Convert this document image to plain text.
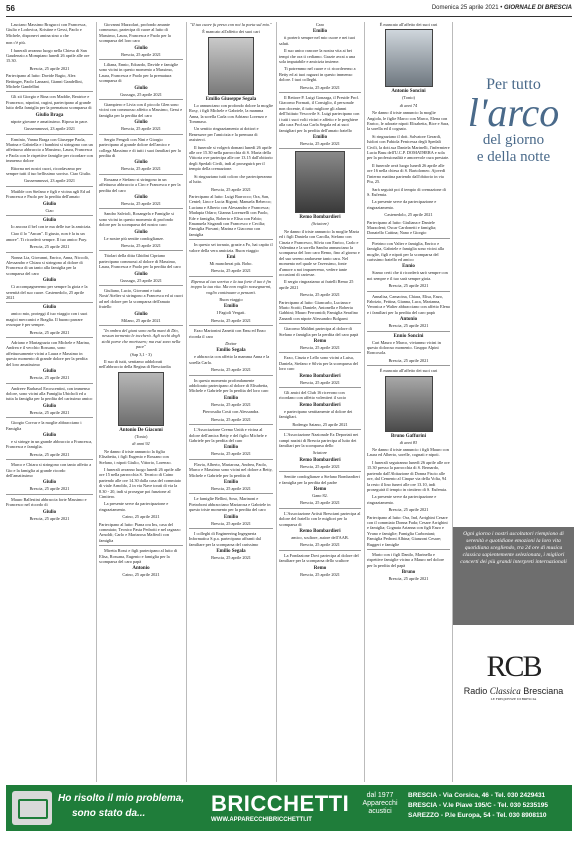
56	Domenica 25 aprile 2021 • GIORNALE DI BRESCIA
Lasciano Massimo Bragucci con Francesca, Giulio e Lodovica, Kristine e Gessi, Paolo e Michele, disponevi amina sino a che
non c'è più.
I funerali avranno luogo nella Chiesa di San Gaudenzio a Mompiano lunedì 26 aprile alle ore 15.30.
Brescia, 25 aprile 2021
Partecipano al lutto: Davide Bagio, Alex Bettinger, Paolo Lanzani, Gianni Gandellini, Michele Gandellini
Gli zii Giorgio e Rina con Maddie, Beatrice e Francesco, nipotini, cugini, partecipano al grande lutto della famiglia per la prematura scomparsa di
Giulio Braga
nipote giovane e amatissimo. Riposa in pace.
Gussemmezzi, 23 aprile 2021
Ermínio, Vanna Braga con Giuseppe Paola, Marina e Gabriella e i bambini si stringono con un affettuoso abbraccio a Massimo, Laura, Francesca e Paola con le rispettive famiglie per ricordare con immenso dolore
Ritorna nei nostri cuori, ricordavamo per sempre tutti il tuo bellissimo sorriso. Ciao Giulio.
Gussemmezzi, 23 aprile 2021
Matilde con Stefano e figli e vicina agli Ed ad Francesca e Paolo per la perdita dell'amato
Giulio
Ciao
Giulio
Io ancora il bel con te ma delle tue la amicizia.
Ciao il lo "Ancan". Il giusto, non è la tu un amore". Ti ricorderò sempre. Il tuo amico Pary.
Brescia, 25 aprile 2021
Nonna Lia, Giovanni, Enrico, Anna, Niccolò, Alessandro e Chiara si stringono al dolore di Francesca di un tanto alla famiglia per la scomparsa del caro
Giulio
Ci accompagneremo per sempre la gioia e la serenità del suo cuore. Castenedolo, 25 aprile 2021
Giulio
amico mio, proteggi il tuo viaggio con i suoi magici meccanici e Braglia. Il buono parrare ovunque è per sempre.
Brescia, 25 aprile 2021
Adriano e Mariagrazia con Michele e Marina, Andrea e il vecchio Rossano, sono affettuosamente vicini a Laura e Massimo in questo momento di grande dolore per la perdita del loro amatissimo
Giulio
Brescia, 25 aprile 2021
Andreev Barbasol Ercoscentini, con immenso dolore, sono vicini alla Famiglia Ubicholi ed a tutta la famiglia per la perdita del carissimo amico
Giulio
Brescia, 25 aprile 2021
Giorgio Corvar e la moglie abbracciano i Famiglia
Giulio
e si stringe in un grande abbraccio a Francesca, Francesca e famiglia.
Brescia, 25 aprile 2021
Marco e Chiara si stringono con tanto affetto a Gio e la famiglia ai grande ricordo dell'amatissimo
Giulio
Brescia, 25 aprile 2021
Mauro Ballestini abbraccia forte Massimo e Francesco nel ricordo di
Giulio
Brescia, 25 aprile 2021
Giovanni Mazzolari, profondo amante commosso, partecipa di cuore al lutto di Massimo, Laura, Francesca e Paolo per la scomparsa del loro caro
Giulio
Brescia, 25 aprile 2021
Liliana, Ennio, Edoardo, Davide e famiglie sono vicini in questo momento a Massimo, Laura, Francesca e Paolo per la prematura scomparsa di
Giulio
Gussago, 25 aprile 2021
Giampiero e Livia con il piccolo Glen sono vicini con commosso affetto a Massimo, Gessi e famiglia per la perdita del caro
Giulio
Brescia, 25 aprile 2021
Sergio Fengoli con Nini e Giorgio partecipano al grande dolore dell'amico e collega Massimo e di tutti i suoi familiari per la perdita di
Giulio
Brescia, 25 aprile 2021
Rossana e Stefano si stringono in un affettuoso abbraccio a Ciro e Francesca e per la perdita del caro
Giulio
Brescia, 25 aprile 2021
Sandro Salvioli, Rosangela e Famiglie si sono vicini in questo momento di profondo dolore per la scomparsa del nostro caro
Giulio
Le nostre più sentite condoglianze.
Brescia, 25 aprile 2021
Titolari della ditta Ghidini Cipriano partecipano commossi al dolore di Massimo, Laura, Francesca e Paolo per la perdita del caro
Giulio
Gussago, 25 aprile 2021
Giuliano, Lucio, Giovanni e tutta Nostr'Atelier si stringono a Francesca ed ai cuori ad nel dolore per la scomparsa dell'amato fratello
Giulio
Milano, 25 aprile 2021
"In ombra del giunt sono nella mani di Dio, nessun tormento le toccherà. Agli occhi degli stolti parve che morissero; ma essi sono nella pace"
(Sap 3,1 - 3)
Il suo di tutti, sentiamo addolorati nell'abbraccio della Regina di Bresciardia
Antonio De Giacomi
(Tonio)
di anni 92
Ne danno il triste annuncio la figlia Elisabetta, i figli Eugenio e Rossano con Stefano, i nipoti Giulio, Vittorio, Lorenzo.
I funerali avranno luogo lunedì 26 aprile alle ore 15 nella parrocchia S. Tecnico di Caino partendo alle ore 14.30 dalla casa del commiato di viale Arnoldo, 2 in via Nave torati di via la 8.30 - 20, indi si prosegue poi funzione al Cimitero.
La presente serve da partecipazione e ringraziamento.
Caino, 25 aprile 2021
Partecipano al lutto: Piana ora Ins, casa del commiato; Tecnico Pasta Pedrotti e nel ragazzo Arnoldi; Carlo e Mariarosa Maffeoli con famiglia
Miretta Rossi e figli partecipano al lutto di Elisa, Rossana, Eugenio e famiglia per la scomparsa del caro papà
Antonio
Caino, 25 aprile 2021
"Il tuo cuore fu preso con noi la porta sul mio."
È mancato all'affetto dei suoi cari
Emilio Giuseppe Segala
Lo annunciano con profondo dolore la moglie Rosy, i figli Michele e Gabriele, la mamma Anna, la sorella Carla con Adriano Lorenzo e Tommaso.
Un sentito ringraziamento ai dottori e Benessere per l'amicizia e la premura di assisterci.
Il funerale si volgerà domani lunedì 26 aprile alle ore 15.30 nella parrocchia di S. Maria della Vittoria ove partecipa alle ore 13.15 dall'obitorio degli Spedali Civili, indi al proseguirà per il tempio della cremazione.
Si ringraziano tutti coloro che parteciperanno al lutto.
Brescia, 25 aprile 2021
Partecipano al lutto: Luigi Barrocco; Ora, San, Centel; Lino e Lucia Rigoni; Manuela Rebecco; Luciana e Alberto con Alessandro e Francesca; Madapia Odaro; Gianna Lorenzelli con Paolo, Ede e famiglia, Roberto e Elisa con Fabio; Emanuela Sisgandi con Francesco e Cecilia; Famiglia Piovani; Marina e Giacomo con famiglia
In questo sei tornato, grazie a Fo, hai capito il valore della vera amicizia. Buon viaggio
Emi
Mi mancherai più. Bobo.
Brescia, 25 aprile 2021
Ripensa al tuo sorriso e la tua forte il tuo è fin troppo la tua vita. Ma non voglio rassegnarmi, voglio continuare a pensarti.
Buon viaggio
Emilio
I Fagioli Vergati.
Brescia, 25 aprile 2021
Ezzo Marionini Zanetti con Emu ed Enzo ricorda il caro
Dottor
Emilio Segala
e abbraccia con affetto la mamma Anna e la sorella Carla.
Brescia, 25 aprile 2021
In questo momento profondamente addolorato partecipano al dolore di Elisabetta, Michele e Gabriele per la perdita del loro caro
Emilio
Brescia, 25 aprile 2021
Pierrosalia Costi con Alessandra.
Brescia, 25 aprile 2021
L'Associazione Cremo Unità e vicina al dolore dell'amica Betty e del figlio Michele e Gabriele per la perdita del caro
Emilio
Brescia, 25 aprile 2021
Flavia, Alberto, Mariarosa, Andrea, Paolo, Marco e Massimo sono vicini nel dolore a Betty, Michele e Gabriele per la perdita di
Emilio
Brescia, 25 aprile 2021
Le famiglie Bellini, Soso, Marinoni e Pietroboni abbracciano Mariarosa e Gabriele in questo triste momento per la perdita del caro
Emilio
Brescia, 25 aprile 2021
I colleghi di Engineering Ingegneria Informatica S.p.a. partecipano affranti dal familiare per la scomparsa del carissimo
Emilio Segala
Brescia, 25 aprile 2021
Caro
Emilio
ti porterò sempre nel mio cuore e nei tuoi saluti.
Il suo unico rancore la nostra vita ai bei tempi che ora ti cediamo. Grazie avrai a una sola imputabile e amicizia insieme.
Ti potremmo nel cuore e ci ricorderemo a Betty ed ai tuoi ragazzi in questo immenso dolore. I tuoi colleghi.
Brescia, 25 aprile 2021
Il Rettore P. Luigi Gonzaga, il Preside Prof. Giacomo Formati, il Consiglio, il personale non docente, il tutto migliore gli alunni dell'Istituto Vescovile S. Luigi partecipano con i tutti i suoi volti vicini e affetto e le preghiere alla cara Prof.ssa Carla Segala ed ai suoi famigliari per la perdita dell'amato fratello
Emilio
Brescia, 25 aprile 2021
Remo Bombardieri
(Sciatore)
Ne danno il triste annuncio la moglie Maria ed i figli Daniela con Carolla, Stefano con Cinzia e Francesco, Silvia con Enrico, Carlo e Valentina e la sorella Sandra annunciano la scomparsa del loro caro Remo, fino al giorno e del suo sereno andarsene tanto cara. Nel momento nel quale se l'avessimo, fonte d'amore a noi impareremo, vedere tante occasioni di cariesse.
Il sergio ringraziamo ai fratelli Remo 25 aprile 2021
Brescia, 25 aprile 2021
Partecipano al lutto: Giancarlo, Luciana e Mario Scotti; Daniele, Antonella e Roberta Gabbini; Mauro Ferromidi; Famiglia Serafino Zanardi con nipote Alessandro Bolgarni
Giacomo Maldini partecipa al dolore di Stefano e famiglia per la perdita del caro papà
Remo
Brescia, 25 aprile 2021
Ezzo, Cinzia e Lello sono vicini a Luisa, Daniela, Stefano e Silvia per la scomparsa del loro caro
Remo Bombardieri
Brescia, 25 aprile 2021
Gli amici del Club 16 ricevono con ricordano con affetto volentieri il socio
Remo Bombardieri
e partecipano sentitamente al dolore dei famigliari.
Rodengo Saiano, 25 aprile 2021
L'Associazione Nazionale Ex Deportati nei campi nazisti di Brescia partecipa al lutto dei familiari per la scomparsa dello
Sciatore
Remo Bombardieri
Brescia, 25 aprile 2021
Sentite condoglianze a Stefano Bombardieri e famiglia per la perdita del padre
Remo
Gano 82.
Brescia, 25 aprile 2021
L'Associazione Artisti Bresciani partecipa al dolore del fratello con le migliori per la scomparsa di
Remo Bombardieri
amico, scultore, autore dell'AAB.
Brescia, 25 aprile 2021
La Fondazione Dovi partecipa al dolore del familiare per la scomparsa dello scultore
Remo
Brescia, 25 aprile 2021
È mancato all'affetto dei suoi cari
Antonio Soncini
(Tonio)
di anni 74
Ne danno il triste annuncio la moglie Angiola, le figlie Marco con Marco, Elena con Enrico, le adorate nipoti Elisabetta, Bice e Sara, la sorella ed il cognato.
Si ringraziano il dott. Salvatore Gerardi, Isidori con Fabiola Fenicessa degli Spedali Civili, la dott.ssa Daniela Marinelli, l'infermiere Lucia Basu dell'U.C.P. DOMATHERA e sola per la professionalità e amorevole cura prestate.
Il funerale avrà luogo lunedì 26 aprile alle ore 16 nella chiesa di S. Bartolomeo. Ajovedì l'interno mattina partendo dall'obitorio in via Piu, 25.
Sarà seguirà poi il tempio di cremazione di S. Eufemia.
La presente serve da partecipazione e ringraziamento.
Castenedolo, 25 aprile 2021
Partecipano al lutto: Giuliana e Daniele Mazzoleni; Oscar Cardonetti e famiglia; Donatello Cattina; Nano e Giorgio
Pietrino con Valter e famiglia, Enrico e famiglia, Gabriele e famiglia sono vicini alla moglie, figli e nipoti per la scomparsa del carissimo fratello ed amico
Ennio
Siamo certi che ti ricorderà sarò sempre con noi sempre e il tuo sarà sempre gioia.
Brescia, 25 aprile 2021
Annalisa, Camacina, Chiara, Elisa, Enzo, Fabrizio, Fettina, Gianna, Luca, Marianna, Veronica e Walter abbracciano con affetto Elena e i familiari per la perdita del caro papà
Antonio
Brescia, 25 aprile 2021
Ennio Soncini
Cari Mauro e Marco, vivianmo vicini in questo doloroso momento. Gruppo Alpini Roncosola.
Brescia, 25 aprile 2021
È mancato all'affetto dei suoi cari
Bruno Gaffurini
di anni 83
Ne danno il triste annuncio i figli Mauro con Laura ed Alberto, sorelle, cognati e nipoti.
I funerali seguiranno lunedì 26 aprile alle ore 15.30 presso la parrocchia di S. Bernardo, partendo dall'Abitazione di Donna Fiscio alle ore, dal Cemento al Cinque via della Volta, 94 la resto il lino funeri alle ore 13.10, indi proseguirà il tempio in cimitero di S. Eufemia.
La presente serve da partecipazione e ringraziamento.
Brescia, 25 aprile 2021
Partecipano al lutto: Ora, Ind, Arrighini Cesare con il commiato Donna Fada; Cesare Arrighini e famiglia; Cognata Arianna con figli Enzo e Yvano e famiglie; Famiglia Carboniani; Famiglia Pedroni Albina; Gianzoni Cesare; Ruggeri e famiglie
Mario con i figli Danilo, Marinella e rispettive famiglie vicino a Mauro nel dolore per la perdita del papà
Bruno
Brescia, 25 aprile 2021
Per tutto
l'arco
del giorno
e della notte
Ogni giorno i nostri ascoltatori riempiono di serenità e quotidiane emozioni la loro vita quotidiana scegliendo, tra 24 ore di musica classica sapientemente selezionata, i migliori concerti dei più grandi interpreti internazionali
RCB
Radio Classica Bresciana
LE FREQUENZE DI BRESCIA
Ho risolto il mio problema,
sono stato da...	BRICCHETTI
WWW.APPARECCHIBRICCHETTI.IT
dal 1977 Apparecchi acustici
BRESCIA - Via Corsica, 46 - Tel. 030 2429431
BRESCIA - V.le Piave 195/C - Tel. 030 5235195
SAREZZO - P.le Europa, 54 - Tel. 030 8908110
